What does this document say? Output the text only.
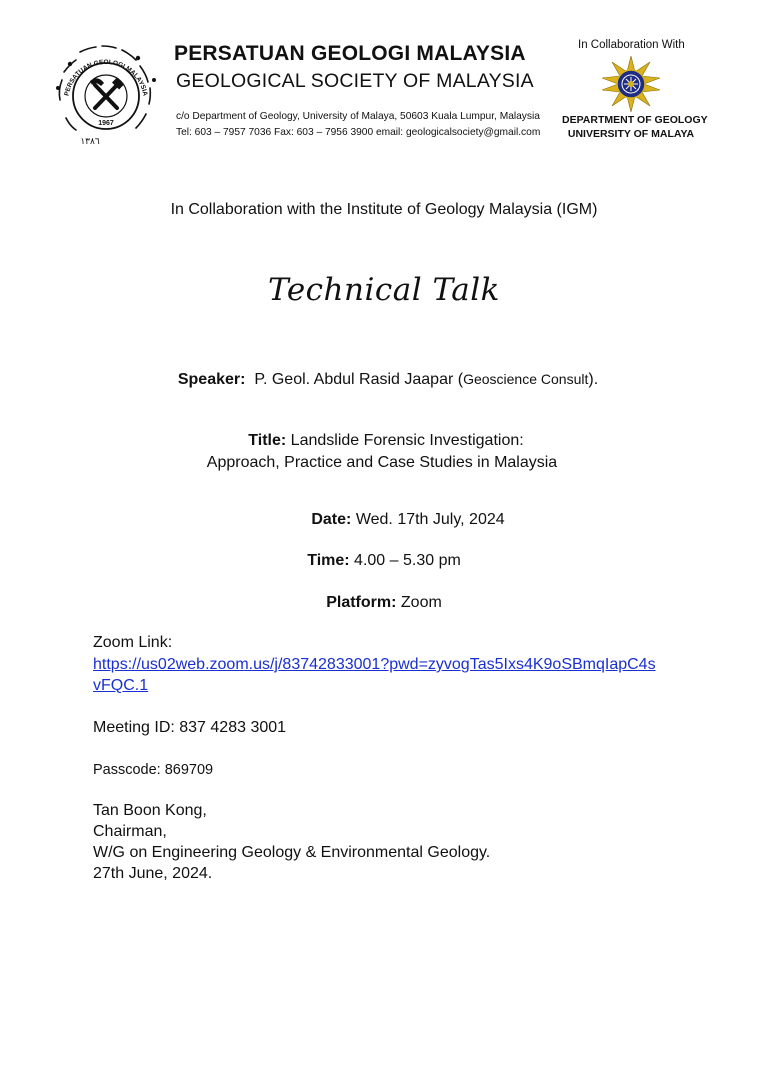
PERSATUAN GEOLOGI MALAYSIA
1967
١٣٨٦
PERSATUAN GEOLOGI MALAYSIA
GEOLOGICAL SOCIETY OF MALAYSIA
c/o Department of Geology, University of Malaya, 50603 Kuala Lumpur, Malaysia
Tel: 603 – 7957 7036 Fax: 603 – 7956 3900 email: geologicalsociety@gmail.com
In Collaboration With
DEPARTMENT OF GEOLOGY
UNIVERSITY OF MALAYA
In Collaboration with the Institute of Geology Malaysia (IGM)
Technical Talk
Speaker: P. Geol. Abdul Rasid Jaapar (Geoscience Consult).
Title: Landslide Forensic Investigation:
Approach, Practice and Case Studies in Malaysia
Date: Wed. 17th July, 2024
Time: 4.00 – 5.30 pm
Platform: Zoom
Zoom Link:
https://us02web.zoom.us/j/83742833001?pwd=zyvogTas5Ixs4K9oSBmqIapC4s
vFQC.1
Meeting ID: 837 4283 3001
Passcode: 869709
Tan Boon Kong,
Chairman,
W/G on Engineering Geology & Environmental Geology.
27th June, 2024.
